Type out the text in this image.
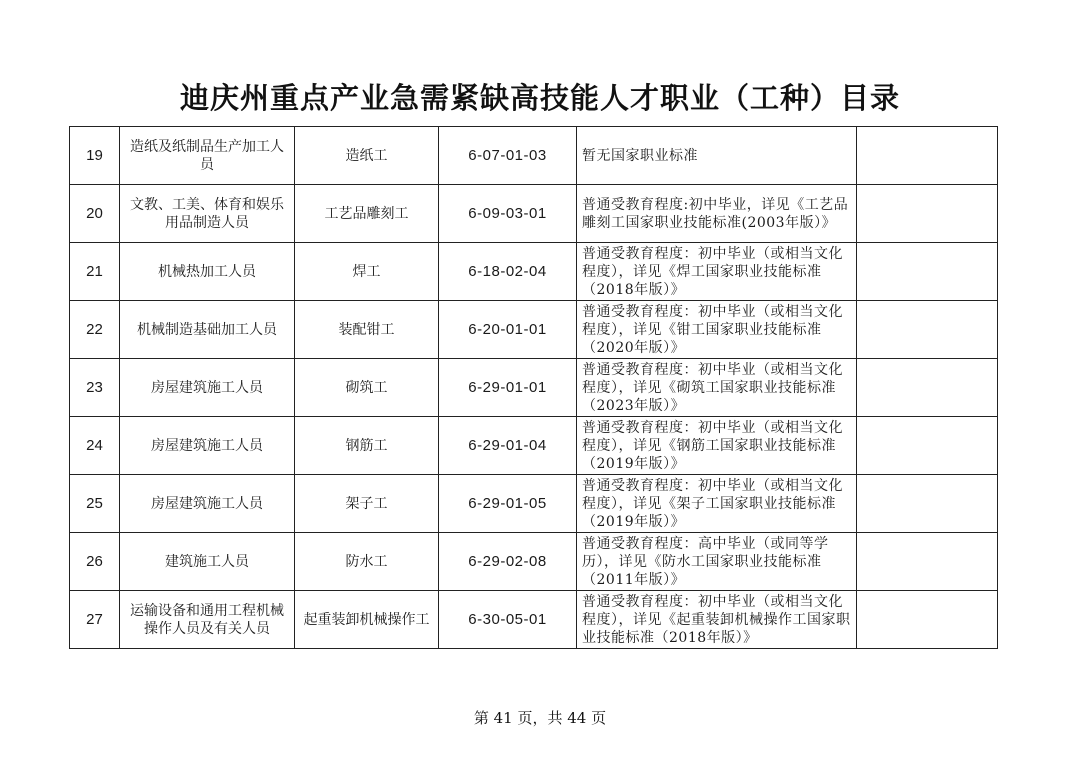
迪庆州重点产业急需紧缺高技能人才职业（工种）目录
19	造纸及纸制品生产加工人员	造纸工	6-07-01-03	暂无国家职业标准	
20	文教、工美、体育和娱乐用品制造人员	工艺品雕刻工	6-09-03-01	普通受教育程度:初中毕业，详见《工艺品雕刻工国家职业技能标准(2003年版）》	
21	机械热加工人员	焊工	6-18-02-04	普通受教育程度：初中毕业（或相当文化程度），详见《焊工国家职业技能标准（2018年版）》	
22	机械制造基础加工人员	装配钳工	6-20-01-01	普通受教育程度：初中毕业（或相当文化程度），详见《钳工国家职业技能标准（2020年版）》	
23	房屋建筑施工人员	砌筑工	6-29-01-01	普通受教育程度：初中毕业（或相当文化程度），详见《砌筑工国家职业技能标准（2023年版）》	
24	房屋建筑施工人员	钢筋工	6-29-01-04	普通受教育程度：初中毕业（或相当文化程度），详见《钢筋工国家职业技能标准（2019年版）》	
25	房屋建筑施工人员	架子工	6-29-01-05	普通受教育程度：初中毕业（或相当文化程度），详见《架子工国家职业技能标准（2019年版）》	
26	建筑施工人员	防水工	6-29-02-08	普通受教育程度：高中毕业（或同等学历），详见《防水工国家职业技能标准（2011年版）》	
27	运输设备和通用工程机械操作人员及有关人员	起重装卸机械操作工	6-30-05-01	普通受教育程度：初中毕业（或相当文化程度），详见《起重装卸机械操作工国家职业技能标准（2018年版）》	
第 41 页，共 44 页
